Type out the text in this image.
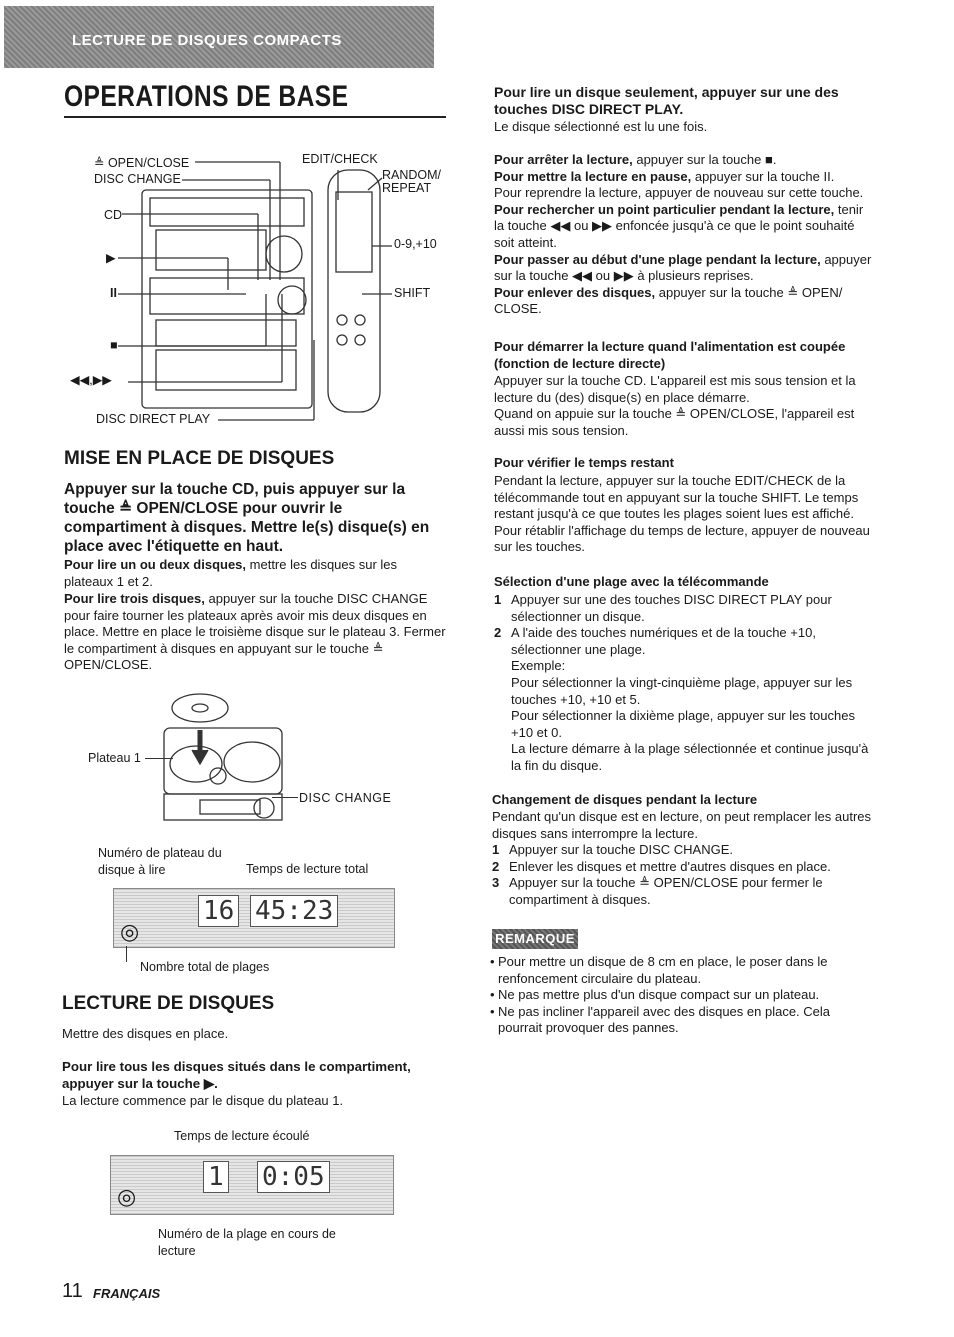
LECTURE DE DISQUES COMPACTS
OPERATIONS DE BASE
≜ OPEN/CLOSE
DISC CHANGE
CD
▶
II
■
◀◀,▶▶
DISC DIRECT PLAY
EDIT/CHECK
RANDOM/
REPEAT
0-9,+10
SHIFT
MISE EN PLACE DE DISQUES
Appuyer sur la touche CD, puis appuyer sur la touche ≜ OPEN/CLOSE pour ouvrir le compartiment à disques. Mettre le(s) disque(s) en place avec l'étiquette en haut.
Pour lire un ou deux disques, mettre les disques sur les plateaux 1 et 2.
Pour lire trois disques, appuyer sur la touche DISC CHANGE pour faire tourner les plateaux après avoir mis deux disques en place. Mettre en place le troisième disque sur le plateau 3. Fermer le compartiment à disques en appuyant sur le touche ≜ OPEN/CLOSE.
Plateau 1
DISC CHANGE
Numéro de plateau du disque à lire	Temps de lecture total
16 45:23
◎
Nombre total de plages
LECTURE DE DISQUES
Mettre des disques en place.
Pour lire tous les disques situés dans le compartiment, appuyer sur la touche ▶.
La lecture commence par le disque du plateau 1.
Temps de lecture écoulé
1 0:05
◎
Numéro de la plage en cours de lecture
Pour lire un disque seulement, appuyer sur une des touches DISC DIRECT PLAY.
Le disque sélectionné est lu une fois.
Pour arrêter la lecture, appuyer sur la touche ■.
Pour mettre la lecture en pause, appuyer sur la touche II.
Pour reprendre la lecture, appuyer de nouveau sur cette touche.
Pour rechercher un point particulier pendant la lecture, tenir la touche ◀◀ ou ▶▶ enfoncée jusqu'à ce que le point souhaité soit atteint.
Pour passer au début d'une plage pendant la lecture, appuyer sur la touche ◀◀ ou ▶▶ à plusieurs reprises.
Pour enlever des disques, appuyer sur la touche ≜ OPEN/ CLOSE.
Pour démarrer la lecture quand l'alimentation est coupée (fonction de lecture directe)
Appuyer sur la touche CD. L'appareil est mis sous tension et la lecture du (des) disque(s) en place démarre.
Quand on appuie sur la touche ≜ OPEN/CLOSE, l'appareil est aussi mis sous tension.
Pour vérifier le temps restant
Pendant la lecture, appuyer sur la touche EDIT/CHECK de la télécommande tout en appuyant sur la touche SHIFT. Le temps restant jusqu'à ce que toutes les plages soient lues est affiché. Pour rétablir l'affichage du temps de lecture, appuyer de nouveau sur les touches.
Sélection d'une plage avec la télécommande
1 Appuyer sur une des touches DISC DIRECT PLAY pour sélectionner un disque.
2 A l'aide des touches numériques et de la touche +10, sélectionner une plage.
Exemple:
Pour sélectionner la vingt-cinquième plage, appuyer sur les touches +10, +10 et 5.
Pour sélectionner la dixième plage, appuyer sur les touches +10 et 0.
La lecture démarre à la plage sélectionnée et continue jusqu'à la fin du disque.
Changement de disques pendant la lecture
Pendant qu'un disque est en lecture, on peut remplacer les autres disques sans interrompre la lecture.
1 Appuyer sur la touche DISC CHANGE.
2 Enlever les disques et mettre d'autres disques en place.
3 Appuyer sur la touche ≜ OPEN/CLOSE pour fermer le compartiment à disques.
REMARQUE
• Pour mettre un disque de 8 cm en place, le poser dans le renfoncement circulaire du plateau.
• Ne pas mettre plus d'un disque compact sur un plateau.
• Ne pas incliner l'appareil avec des disques en place. Cela pourrait provoquer des pannes.
11 FRANÇAIS
